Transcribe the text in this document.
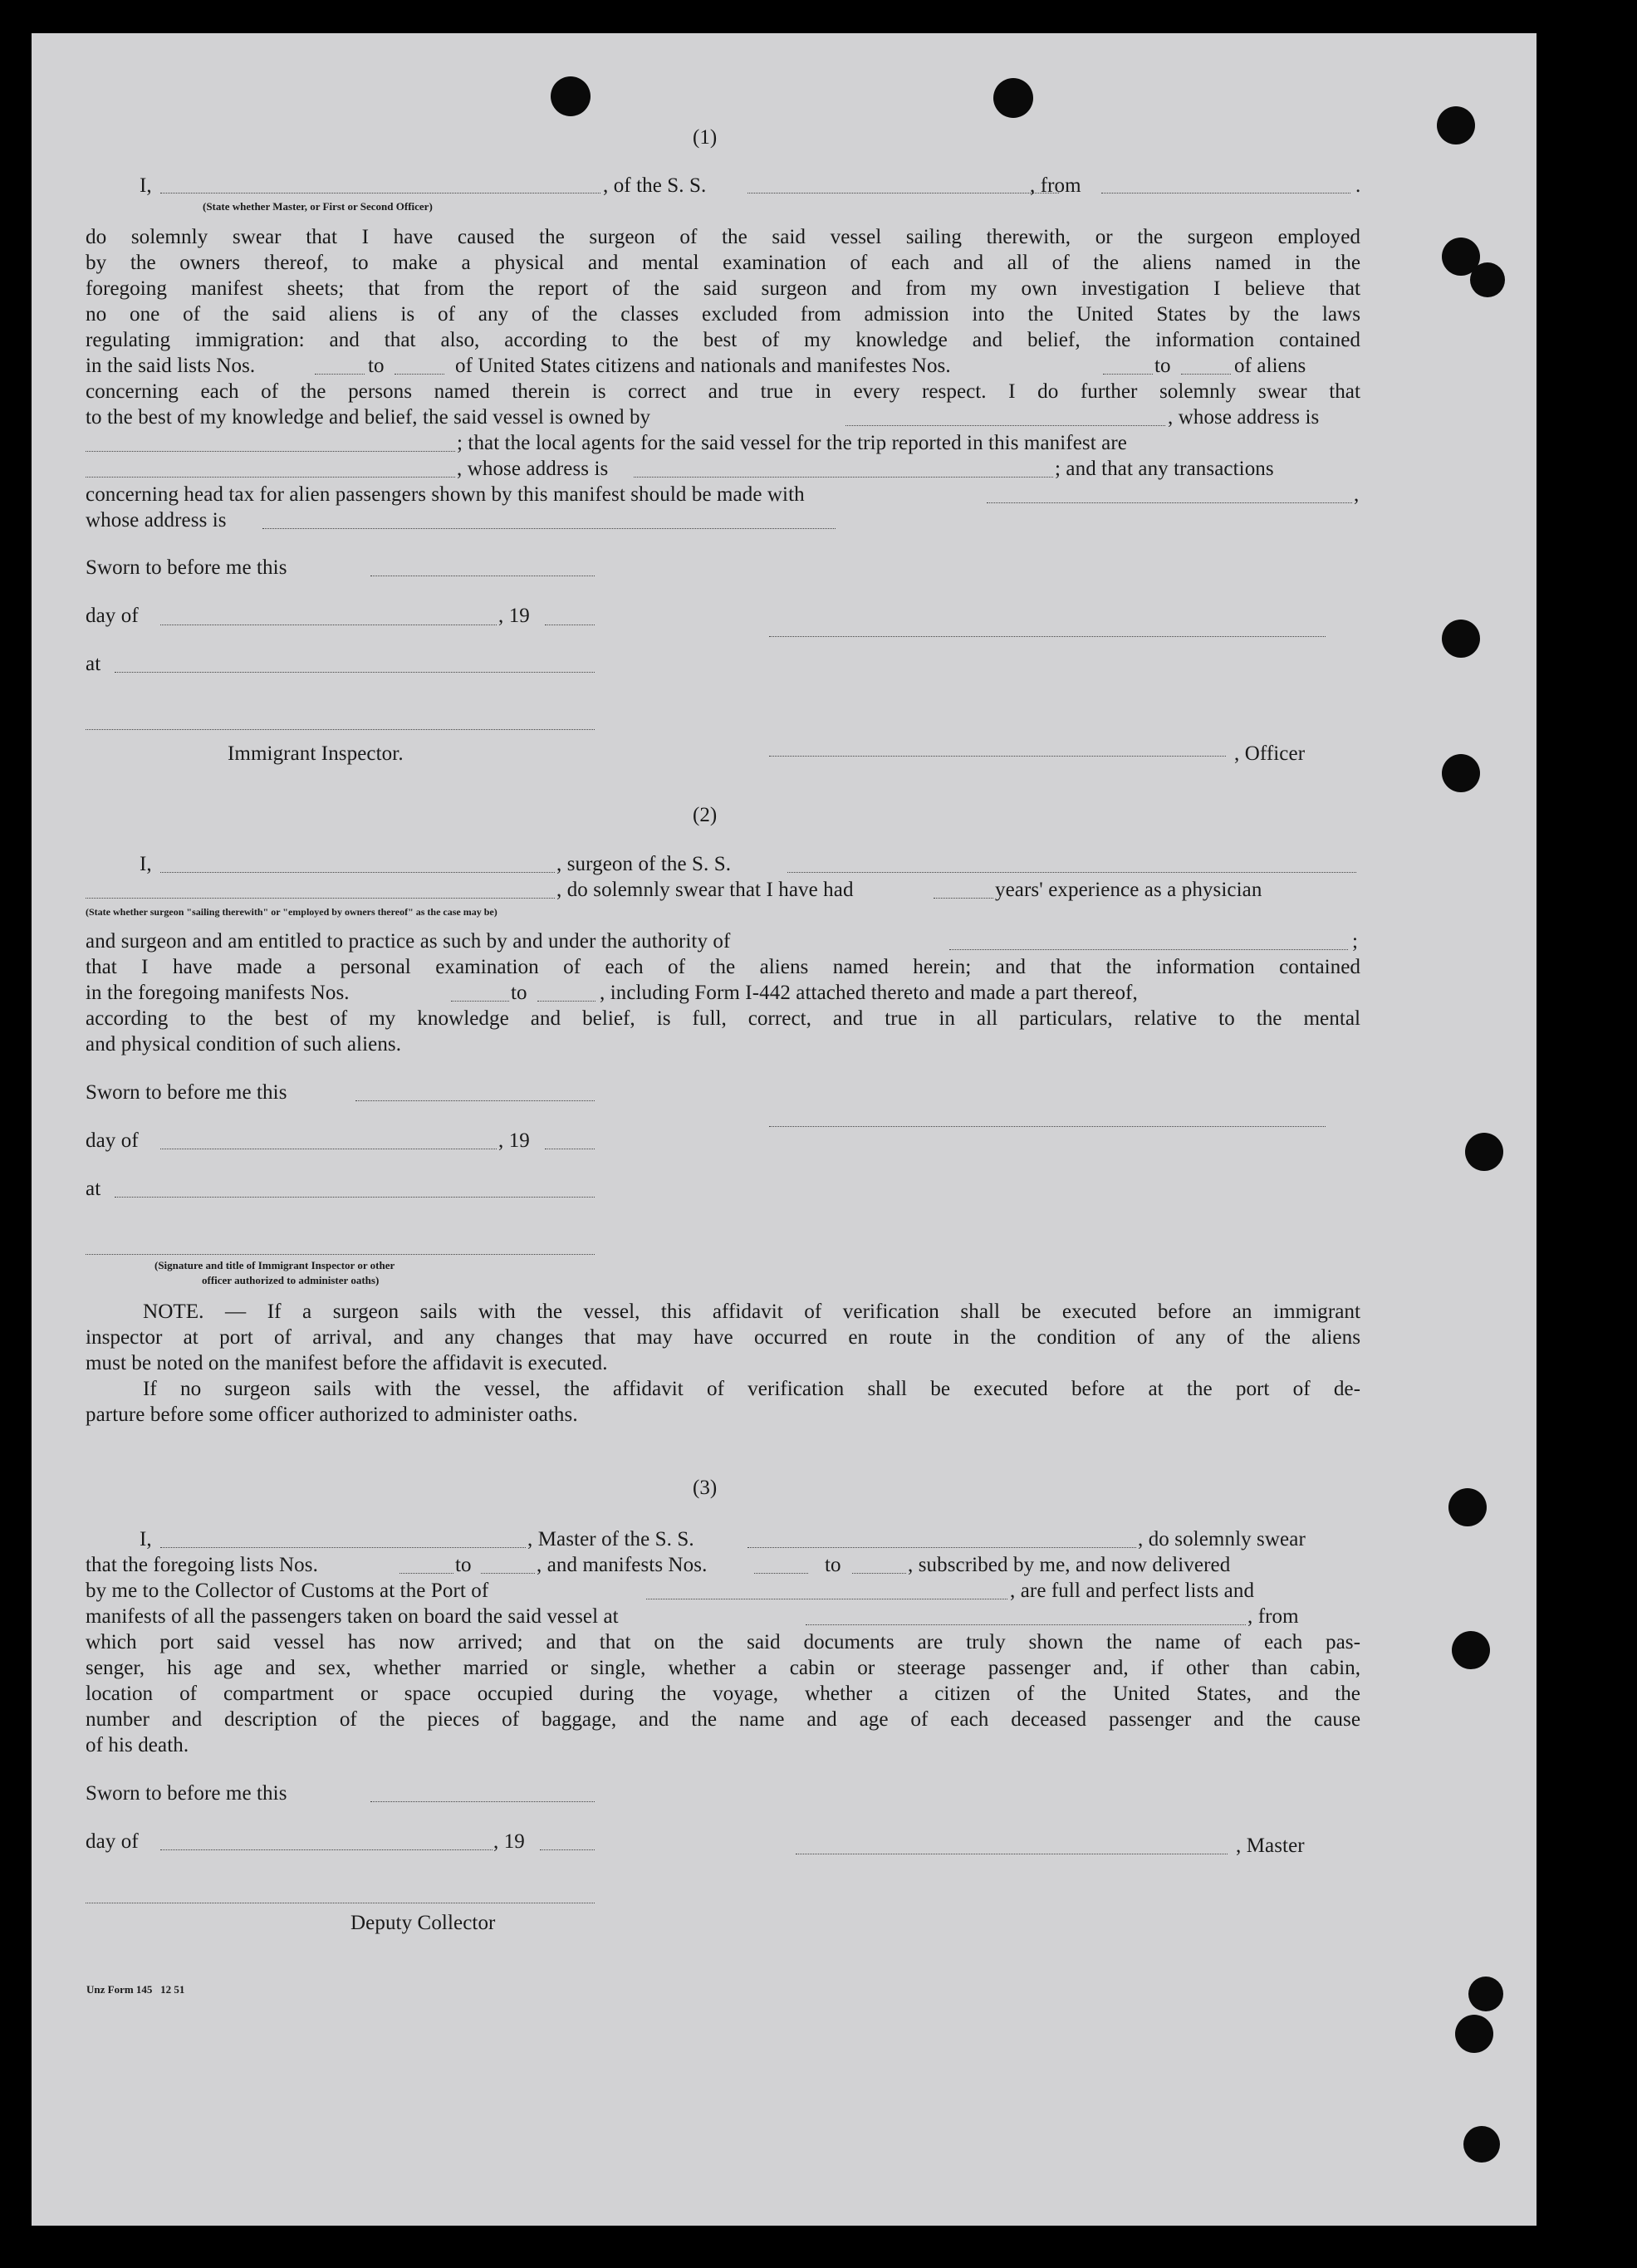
(1)
I,	, of the S. S.	, from	.
(State whether Master, or First or Second Officer)
do solemnly swear that I have caused the surgeon of the said vessel sailing therewith, or the surgeon employed
by the owners thereof, to make a physical and mental examination of each and all of the aliens named in the
foregoing manifest sheets; that from the report of the said surgeon and from my own investigation I believe that
no one of the said aliens is of any of the classes excluded from admission into the United States by the laws
regulating immigration: and that also, according to the best of my knowledge and belief, the information contained
in the said lists Nos.	to	of United States citizens and nationals and manifestes Nos.	to	of aliens
concerning each of the persons named therein is correct and true in every respect. I do further solemnly swear that
to the best of my knowledge and belief, the said vessel is owned by	, whose address is
; that the local agents for the said vessel for the trip reported in this manifest are
, whose address is	; and that any transactions
concerning head tax for alien passengers shown by this manifest should be made with	,
whose address is
Sworn to before me this
day of	, 19
at
Immigrant Inspector.	, Officer
(2)
I,	, surgeon of the S. S.
, do solemnly swear that I have had	years' experience as a physician
(State whether surgeon "sailing therewith" or "employed by owners thereof" as the case may be)
and surgeon and am entitled to practice as such by and under the authority of	;
that I have made a personal examination of each of the aliens named herein; and that the information contained
in the foregoing manifests Nos.	to	, including Form I-442 attached thereto and made a part thereof,
according to the best of my knowledge and belief, is full, correct, and true in all particulars, relative to the mental
and physical condition of such aliens.
Sworn to before me this
day of	, 19
at
(Signature and title of Immigrant Inspector or other
officer authorized to administer oaths)
NOTE. — If a surgeon sails with the vessel, this affidavit of verification shall be executed before an immigrant
inspector at port of arrival, and any changes that may have occurred en route in the condition of any of the aliens
must be noted on the manifest before the affidavit is executed.
If no surgeon sails with the vessel, the affidavit of verification shall be executed before at the port of de-
parture before some officer authorized to administer oaths.
(3)
I,	, Master of the S. S.	, do solemnly swear
that the foregoing lists Nos.	to	, and manifests Nos.	to	, subscribed by me, and now delivered
by me to the Collector of Customs at the Port of	, are full and perfect lists and
manifests of all the passengers taken on board the said vessel at	, from
which port said vessel has now arrived; and that on the said documents are truly shown the name of each pas-
senger, his age and sex, whether married or single, whether a cabin or steerage passenger and, if other than cabin,
location of compartment or space occupied during the voyage, whether a citizen of the United States, and the
number and description of the pieces of baggage, and the name and age of each deceased passenger and the cause
of his death.
Sworn to before me this
day of	, 19	, Master
Deputy Collector
Unz Form 145   12 51
